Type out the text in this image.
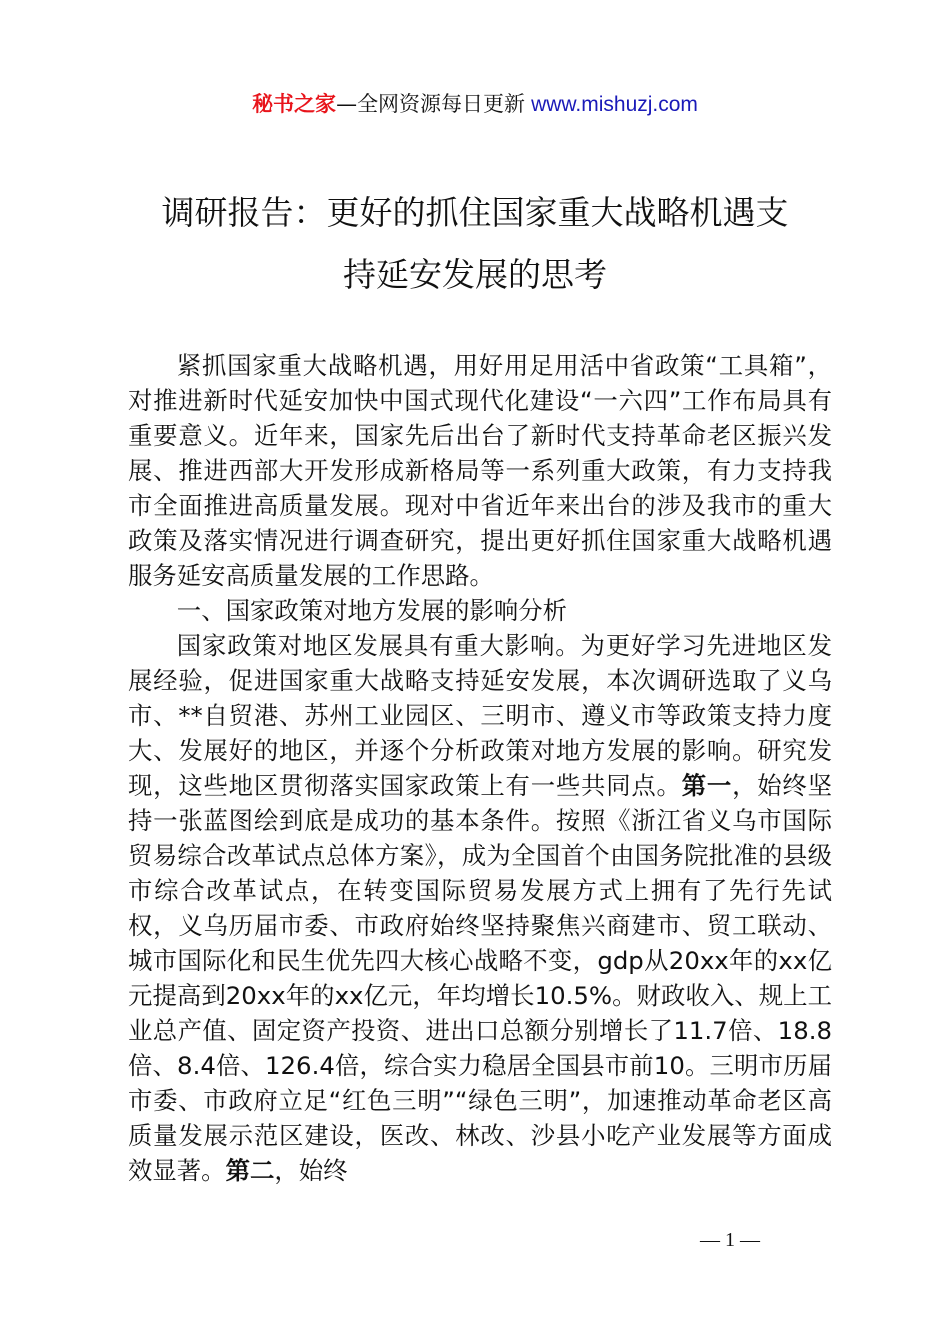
秘书之家—全网资源每日更新 www.mishuzj.com
调研报告：更好的抓住国家重大战略机遇支
持延安发展的思考

紧抓国家重大战略机遇，用好用足用活中省政策“工具箱”，对推进新时代延安加快中国式现代化建设“一六四”工作布局具有重要意义。近年来，国家先后出台了新时代支持革命老区振兴发展、推进西部大开发形成新格局等一系列重大政策，有力支持我市全面推进高质量发展。现对中省近年来出台的涉及我市的重大政策及落实情况进行调查研究，提出更好抓住国家重大战略机遇服务延安高质量发展的工作思路。

一、国家政策对地方发展的影响分析

国家政策对地区发展具有重大影响。为更好学习先进地区发展经验，促进国家重大战略支持延安发展，本次调研选取了义乌市、**自贸港、苏州工业园区、三明市、遵义市等政策支持力度大、发展好的地区，并逐个分析政策对地方发展的影响。研究发现，这些地区贯彻落实国家政策上有一些共同点。第一，始终坚持一张蓝图绘到底是成功的基本条件。按照《浙江省义乌市国际贸易综合改革试点总体方案》，成为全国首个由国务院批准的县级市综合改革试点，在转变国际贸易发展方式上拥有了先行先试权，义乌历届市委、市政府始终坚持聚焦兴商建市、贸工联动、城市国际化和民生优先四大核心战略不变，gdp从20xx年的xx亿元提高到20xx年的xx亿元，年均增长10.5%。财政收入、规上工业总产值、固定资产投资、进出口总额分别增长了11.7倍、18.8倍、8.4倍、126.4倍，综合实力稳居全国县市前10。三明市历届市委、市政府立足“红色三明”“绿色三明”，加速推动革命老区高质量发展示范区建设，医改、林改、沙县小吃产业发展等方面成效显著。第二，始终

— 1 —
